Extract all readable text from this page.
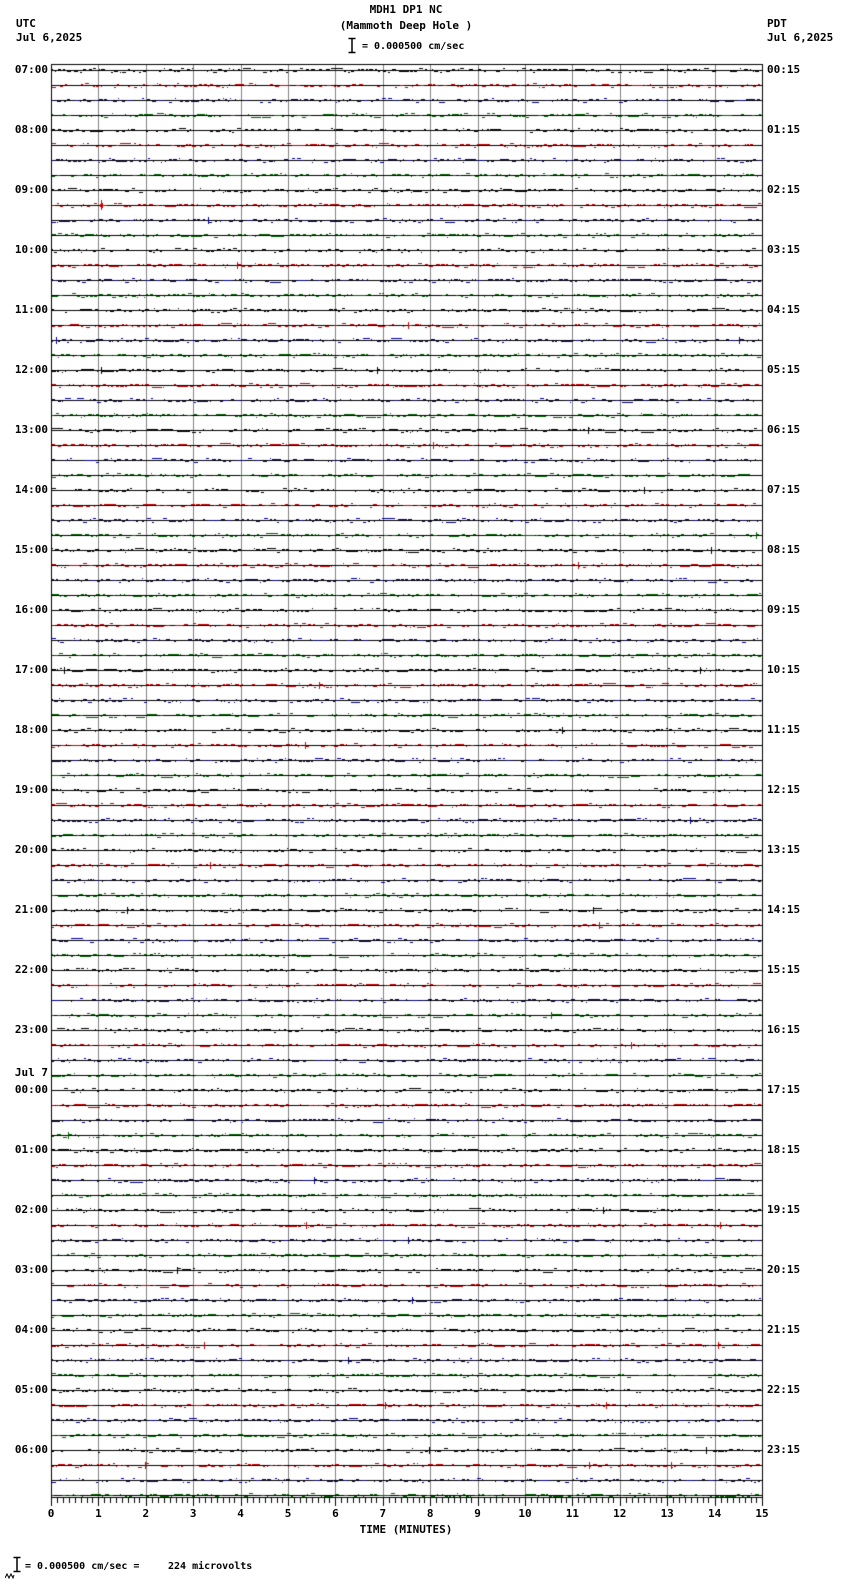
07:00
08:00
09:00
10:00
11:00
12:00
13:00
14:00
15:00
16:00
17:00
18:00
19:00
20:00
21:00
22:00
23:00
00:00
Jul 7
01:00
02:00
03:00
04:00
05:00
06:00
00:15
01:15
02:15
03:15
04:15
05:15
06:15
07:15
08:15
09:15
10:15
11:15
12:15
13:15
14:15
15:15
16:15
17:15
18:15
19:15
20:15
21:15
22:15
23:15
0	1	2	3	4	5	6	7	8	9	10	11	12	13	14	15
TIME (MINUTES)
= 0.000500 cm/sec =	224 microvolts
